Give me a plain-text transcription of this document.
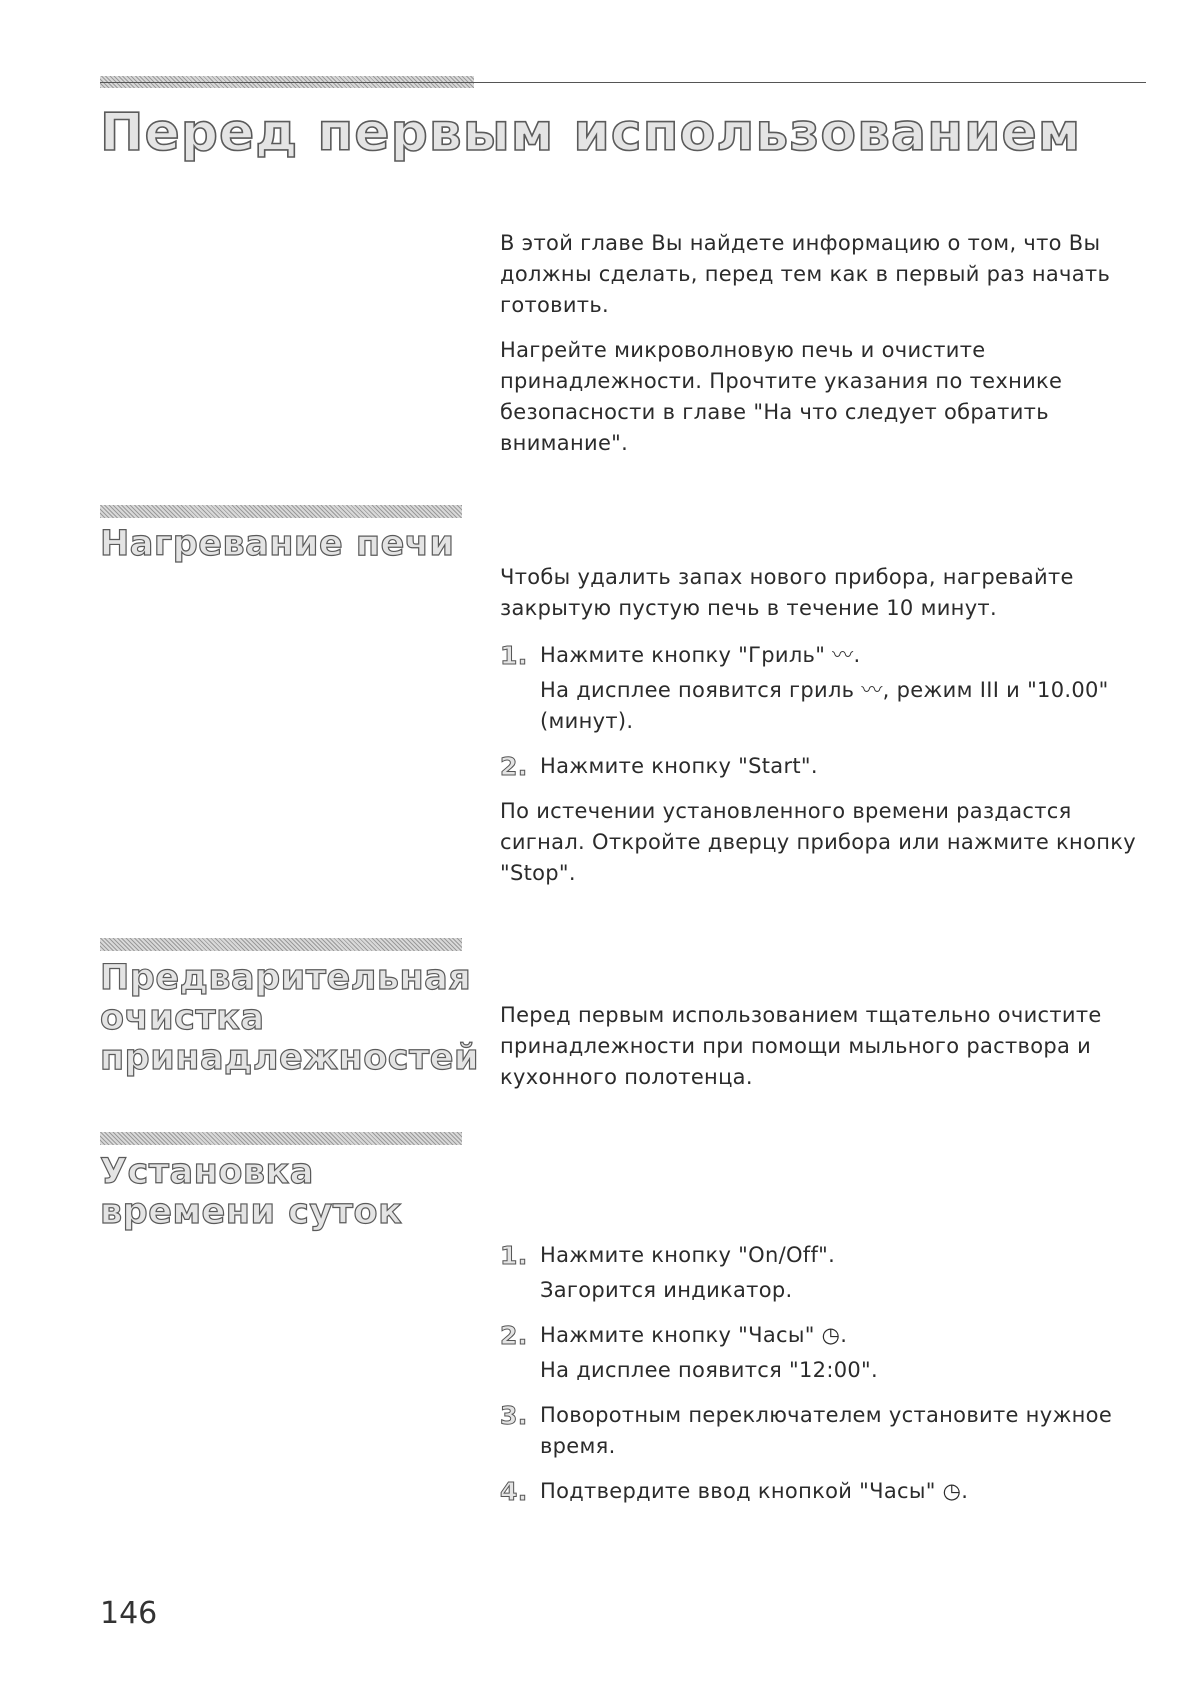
Перед первым использованием

В этой главе Вы найдете информацию о том, что Вы должны сделать, перед тем как в первый раз начать готовить.

Нагрейте микроволновую печь и очистите принадлежности. Прочтите указания по технике безопасности в главе "На что следует обратить внимание".

Нагревание печи

Чтобы удалить запах нового прибора, нагревайте закрытую пустую печь в течение 10 минут.

1. Нажмите кнопку "Гриль" 〰.

На дисплее появится гриль 〰, режим III и "10.00" (минут).

2. Нажмите кнопку "Start".

По истечении установленного времени раздастся сигнал. Откройте дверцу прибора или нажмите кнопку "Stop".

Предварительная очистка принадлежностей

Перед первым использованием тщательно очистите принадлежности при помощи мыльного раствора и кухонного полотенца.

Установка времени суток
1. Нажмите кнопку "On/Off".

Загорится индикатор.

2. Нажмите кнопку "Часы" ◷.

На дисплее появится "12:00".

3. Поворотным переключателем установите нужное время.

4. Подтвердите ввод кнопкой "Часы" ◷.

146
